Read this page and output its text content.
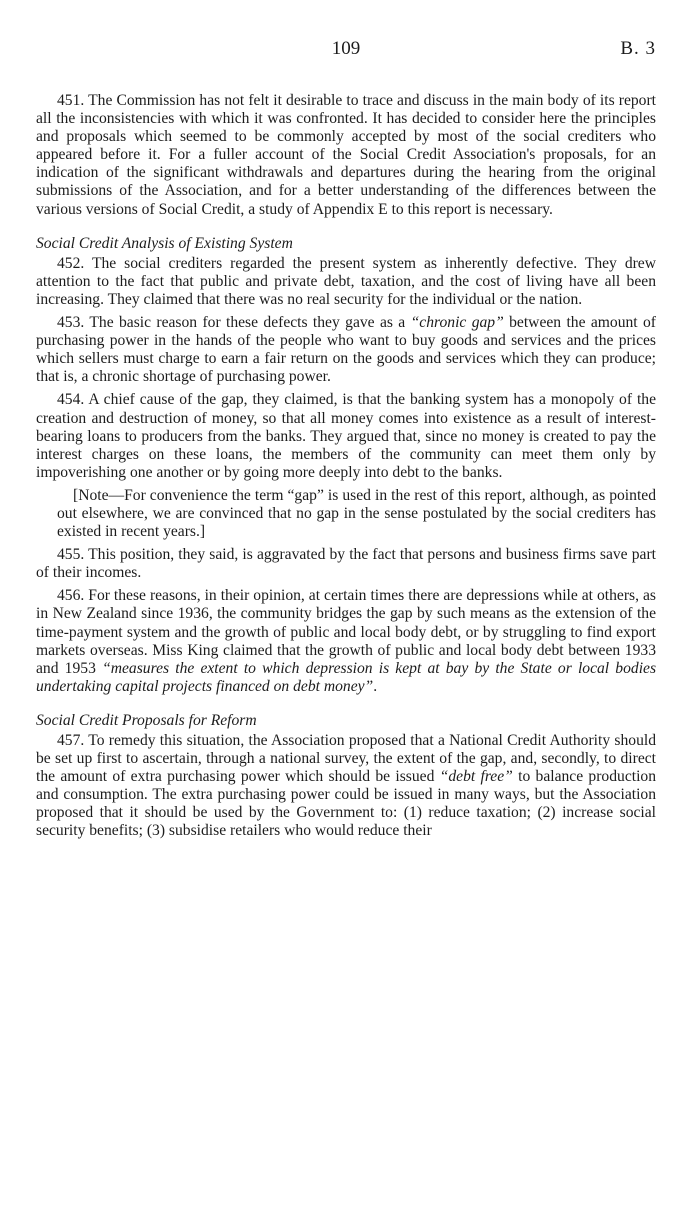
109	B. 3

451. The Commission has not felt it desirable to trace and discuss in the main body of its report all the inconsistencies with which it was confronted. It has decided to consider here the principles and proposals which seemed to be commonly accepted by most of the social crediters who appeared before it. For a fuller account of the Social Credit Association's proposals, for an indication of the significant withdrawals and departures during the hearing from the original submissions of the Association, and for a better understanding of the differences between the various versions of Social Credit, a study of Appendix E to this report is necessary.

Social Credit Analysis of Existing System

452. The social crediters regarded the present system as inherently defective. They drew attention to the fact that public and private debt, taxation, and the cost of living have all been increasing. They claimed that there was no real security for the individual or the nation.

453. The basic reason for these defects they gave as a “chronic gap” between the amount of purchasing power in the hands of the people who want to buy goods and services and the prices which sellers must charge to earn a fair return on the goods and services which they can produce; that is, a chronic shortage of purchasing power.

454. A chief cause of the gap, they claimed, is that the banking system has a monopoly of the creation and destruction of money, so that all money comes into existence as a result of interest-bearing loans to producers from the banks. They argued that, since no money is created to pay the interest charges on these loans, the members of the community can meet them only by impoverishing one another or by going more deeply into debt to the banks.

[Note—For convenience the term “gap” is used in the rest of this report, although, as pointed out elsewhere, we are convinced that no gap in the sense postulated by the social crediters has existed in recent years.]

455. This position, they said, is aggravated by the fact that persons and business firms save part of their incomes.

456. For these reasons, in their opinion, at certain times there are depressions while at others, as in New Zealand since 1936, the community bridges the gap by such means as the extension of the time-payment system and the growth of public and local body debt, or by struggling to find export markets overseas. Miss King claimed that the growth of public and local body debt between 1933 and 1953 “measures the extent to which depression is kept at bay by the State or local bodies undertaking capital projects financed on debt money”.

Social Credit Proposals for Reform

457. To remedy this situation, the Association proposed that a National Credit Authority should be set up first to ascertain, through a national survey, the extent of the gap, and, secondly, to direct the amount of extra purchasing power which should be issued “debt free” to balance production and consumption. The extra purchasing power could be issued in many ways, but the Association proposed that it should be used by the Government to: (1) reduce taxation; (2) increase social security benefits; (3) subsidise retailers who would reduce their
